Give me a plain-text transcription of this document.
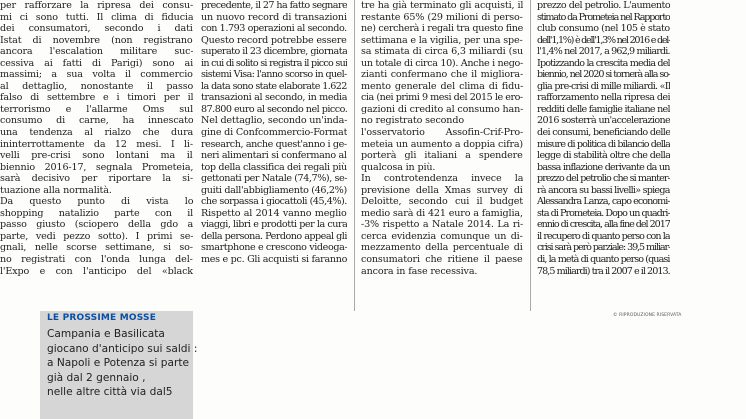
per rafforzare la ripresa dei consu-
mi ci sono tutti. Il clima di fiducia
dei consumatori, secondo i dati
Istat di novembre (non registrano
ancora l'escalation militare suc-
cessiva ai fatti di Parigi) sono ai
massimi; a sua volta il commercio
al dettaglio, nonostante il passo
falso di settembre e i timori per il
terrorismo e l'allarme Oms sul
consumo di carne, ha innescato
una tendenza al rialzo che dura
ininterrottamente da 12 mesi. I li-
velli pre-crisi sono lontani ma il
biennio 2016-17, segnala Prometeia,
sarà decisivo per riportare la si-
tuazione alla normalità.
Da questo punto di vista lo
shopping natalizio parte con il
passo giusto (sciopero della gdo a
parte, vedi pezzo sotto). I primi se-
gnali, nelle scorse settimane, si so-
no registrati con l'onda lunga del-
l'Expo e con l'anticipo del «black
precedente, il 27 ha fatto segnare
un nuovo record di transazioni
con 1.793 operazioni al secondo.
Questo record potrebbe essere
superato il 23 dicembre, giornata
in cui di solito si registra il picco sui
sistemi Visa: l'anno scorso in quel-
la data sono state elaborate 1.622
transazioni al secondo, in media
87.800 euro al secondo nel picco.
Nel dettaglio, secondo un'inda-
gine di Confcommercio-Format
research, anche quest'anno i ge-
neri alimentari si confermano al
top della classifica dei regali più
gettonati per Natale (74,7%), se-
guiti dall'abbigliamento (46,2%)
che sorpassa i giocattoli (45,4%).
Rispetto al 2014 vanno meglio
viaggi, libri e prodotti per la cura
della persona. Perdono appeal gli
smartphone e crescono videoga-
mes e pc. Gli acquisti si faranno
tre ha già terminato gli acquisti, il
restante 65% (29 milioni di perso-
ne) cercherà i regali tra questo fine
settimana e la vigilia, per una spe-
sa stimata di circa 6,3 miliardi (su
un totale di circa 10). Anche i nego-
zianti confermano che il migliora-
mento generale del clima di fidu-
cia (nei primi 9 mesi del 2015 le ero-
gazioni di credito al consumo han-
no registrato secondo
l'osservatorio Assofin-Crif-Pro-
meteia un aumento a doppia cifra)
porterà gli italiani a spendere
qualcosa in più.
In controtendenza invece la
previsione della Xmas survey di
Deloitte, secondo cui il budget
medio sarà di 421 euro a famiglia,
-3% rispetto a Natale 2014. La ri-
cerca evidenzia comunque un di-
mezzamento della percentuale di
consumatori che ritiene il paese
ancora in fase recessiva.
prezzo del petrolio. L'aumento
stimato da Prometeia nel Rapporto
club consumo (nel 105 è stato
dell'1,1%) è dell'1,3% nel 2016 e del-
l'1,4% nel 2017, a 962,9 miliardi.
Ipotizzando la crescita media del
biennio, nel 2020 si tornerà alla so-
glia pre-crisi di mille miliardi. «Il
rafforzamento nella ripresa dei
redditi delle famiglie italiane nel
2016 sosterrà un'accelerazione
dei consumi, beneficiando delle
misure di politica di bilancio della
legge di stabilità oltre che della
bassa inflazione derivante da un
prezzo del petrolio che si manter-
rà ancora su bassi livelli» spiega
Alessandra Lanza, capo economi-
sta di Prometeia. Dopo un quadri-
ennio di crescita, alla fine del 2017
il recupero di quanto perso con la
crisi sarà però parziale: 39,5 miliar-
di, la metà di quanto perso (quasi
78,5 miliardi) tra il 2007 e il 2013.
LE PROSSIME MOSSE
Campania e Basilicata
giocano d'anticipo sui saldi :
a Napoli e Potenza si parte
già dal 2 gennaio ,
nelle altre città via dal5
© RIPRODUZIONE RISERVATA
